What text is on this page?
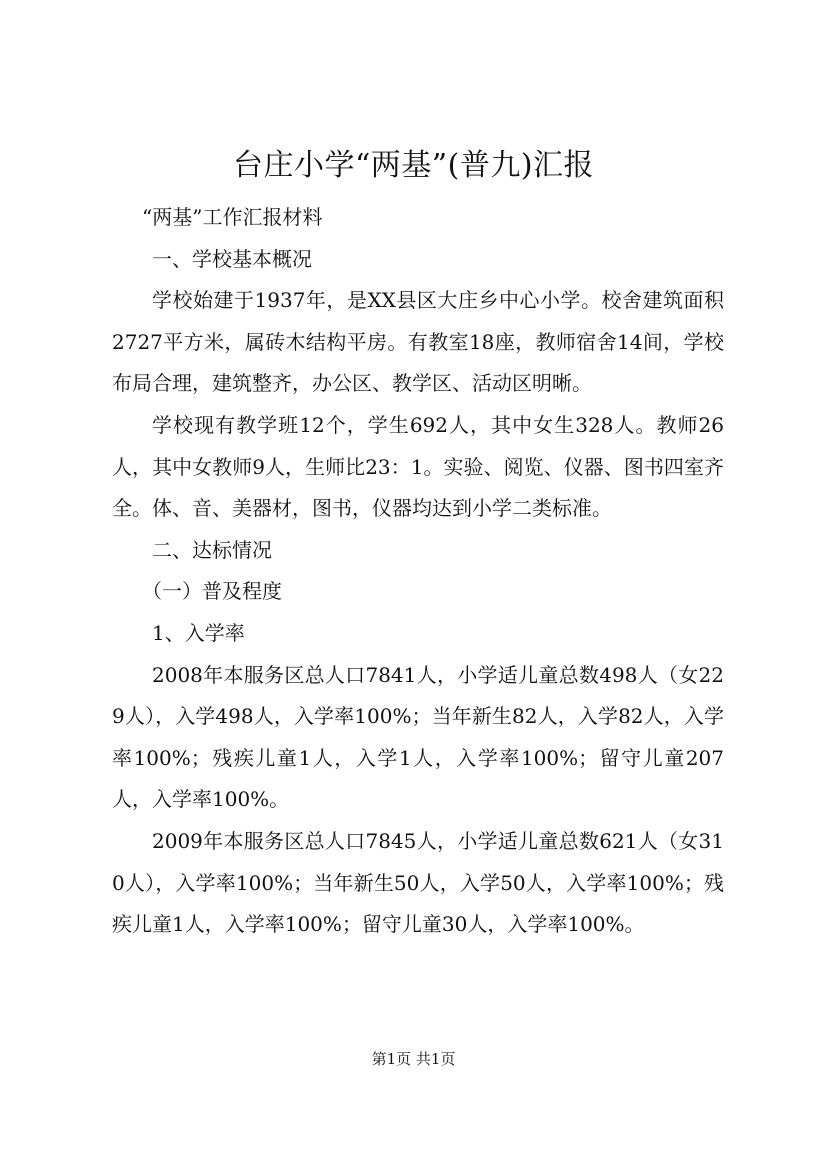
台庄小学“两基”(普九)汇报

“两基”工作汇报材料

一、学校基本概况

学校始建于1937年，是XX县区大庄乡中心小学。校舍建筑面积2727平方米，属砖木结构平房。有教室18座，教师宿舍14间，学校布局合理，建筑整齐，办公区、教学区、活动区明晰。

学校现有教学班12个，学生692人，其中女生328人。教师26人，其中女教师9人，生师比23：1。实验、阅览、仪器、图书四室齐全。体、音、美器材，图书，仪器均达到小学二类标准。

二、达标情况

（一）普及程度

1、入学率

2008年本服务区总人口7841人，小学适儿童总数498人（女229人），入学498人，入学率100%；当年新生82人，入学82人，入学率100%；残疾儿童1人，入学1人，入学率100%；留守儿童207人，入学率100%。

2009年本服务区总人口7845人，小学适儿童总数621人（女310人），入学率100%；当年新生50人，入学50人，入学率100%；残疾儿童1人，入学率100%；留守儿童30人，入学率100%。

第1页 共1页
